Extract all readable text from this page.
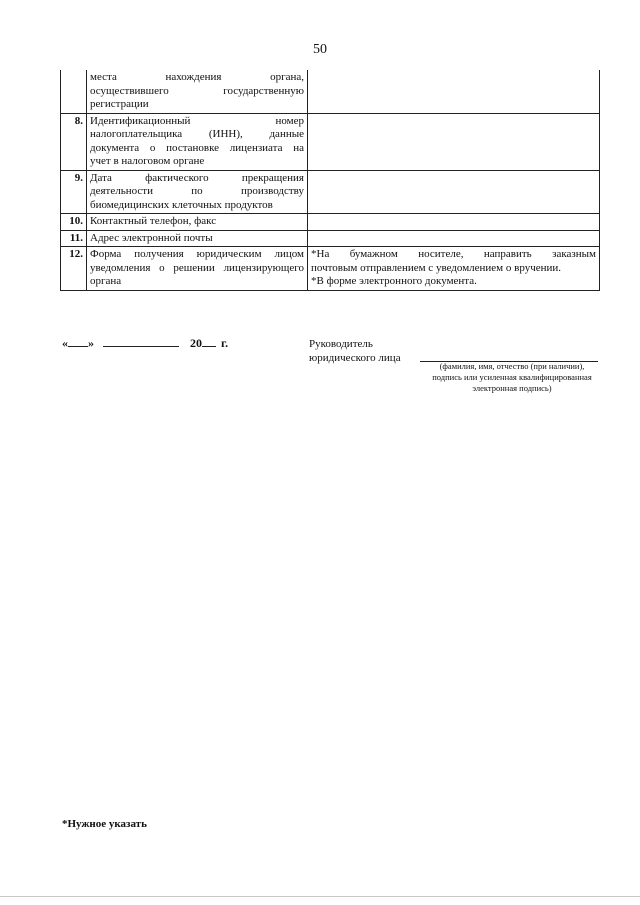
50

	места нахождения органа,
осуществившего государственную
регистрации	

8.	Идентификационный номер
налогоплательщика (ИНН), данные
документа о постановке лицензиата на
учет в налоговом органе	

9.	Дата фактического прекращения
деятельности по производству
биомедицинских клеточных продуктов	

10.	Контактный телефон, факс	

11.	Адрес электронной почты	

12.	Форма получения юридическим лицом
уведомления о решении лицензирующего
органа	*На бумажном носителе, направить заказным
почтовым отправлением с уведомлением о вручении.
*В форме электронного документа.
« »	20 г.	Руководитель
юридического лица
(фамилия, имя, отчество (при наличии),
подпись или усиленная квалифицированная
электронная подпись)
*Нужное указать
